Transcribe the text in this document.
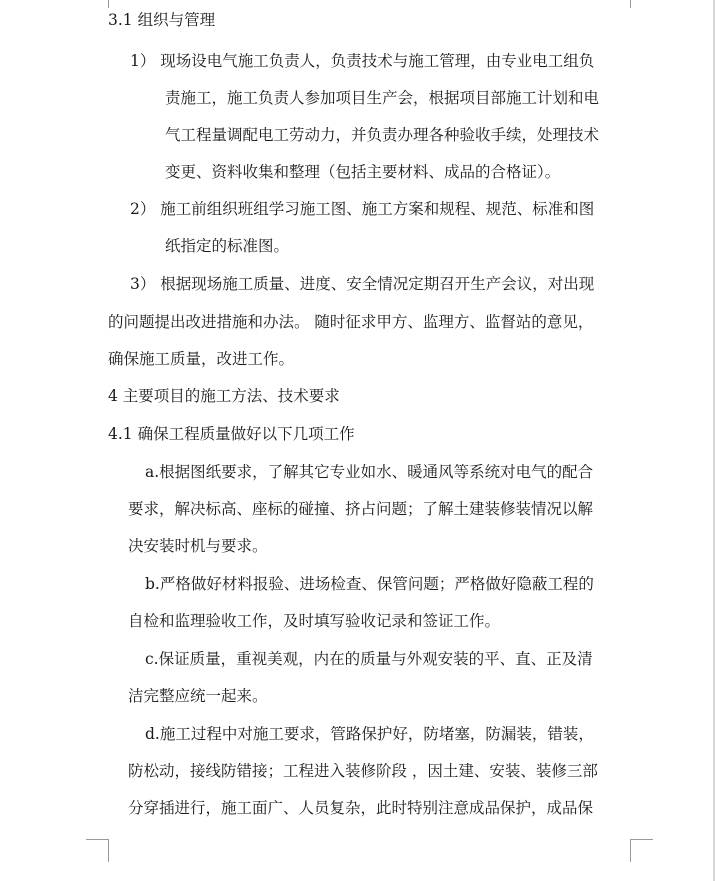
3.1 组织与管理
1） 现场设电气施工负责人，负责技术与施工管理，由专业电工组负
责施工，施工负责人参加项目生产会，根据项目部施工计划和电
气工程量调配电工劳动力，并负责办理各种验收手续，处理技术
变更、资料收集和整理（包括主要材料、成品的合格证）。
2） 施工前组织班组学习施工图、施工方案和规程、规范、标准和图
纸指定的标准图。
3） 根据现场施工质量、进度、安全情况定期召开生产会议，对出现
的问题提出改进措施和办法。 随时征求甲方、监理方、监督站的意见，
确保施工质量，改进工作。
4 主要项目的施工方法、技术要求
4.1 确保工程质量做好以下几项工作
a.根据图纸要求，了解其它专业如水、暖通风等系统对电气的配合
要求，解决标高、座标的碰撞、挤占问题；了解土建装修装情况以解
决安装时机与要求。
b.严格做好材料报验、进场检查、保管问题；严格做好隐蔽工程的
自检和监理验收工作，及时填写验收记录和签证工作。
c.保证质量，重视美观，内在的质量与外观安装的平、直、正及清
洁完整应统一起来。
d.施工过程中对施工要求，管路保护好，防堵塞，防漏装，错装，
防松动，接线防错接；工程进入装修阶段 ，因土建、安装、装修三部
分穿插进行，施工面广、人员复杂，此时特别注意成品保护，成品保
